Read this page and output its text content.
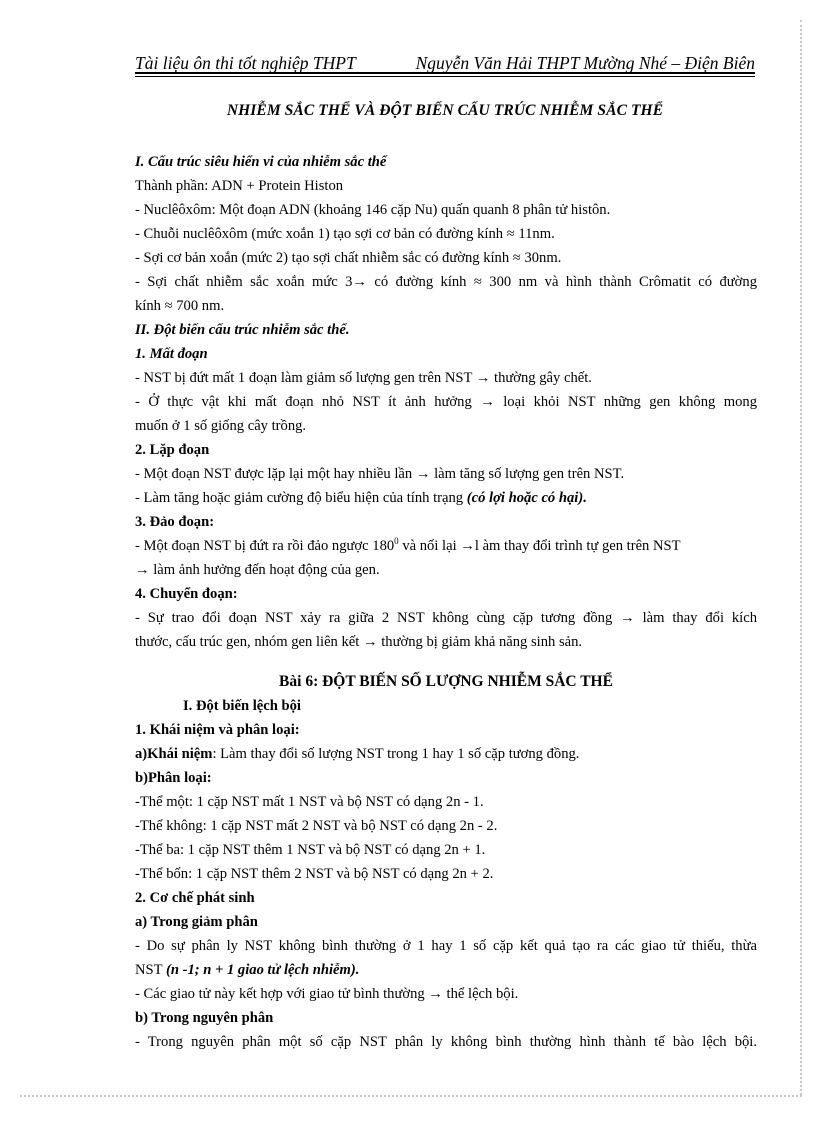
Tài liệu ôn thi tốt nghiệp THPT	Nguyễn Văn Hải THPT Mường Nhé – Điện Biên
NHIỄM SẮC THỂ VÀ ĐỘT BIẾN CẤU TRÚC NHIỄM SẮC THỂ
I. Cấu trúc siêu hiển vi của nhiễm sắc thể
Thành phần: ADN + Protein Histon
- Nuclêôxôm: Một đoạn ADN (khoảng 146 cặp Nu) quấn quanh 8 phân tử histôn.
- Chuỗi nuclêôxôm (mức xoắn 1) tạo sợi cơ bản có đường kính ≈ 11nm.
- Sợi cơ bản xoắn (mức 2) tạo sợi chất nhiễm sắc có đường kính ≈ 30nm.
- Sợi chất nhiễm sắc xoắn mức 3→ có đường kính ≈ 300 nm và hình thành Crômatit có đường
kính ≈ 700 nm.
II. Đột biến cấu trúc nhiễm sắc thể.
1. Mất đoạn
- NST bị đứt mất 1 đoạn làm giảm số lượng gen trên NST → thường gây chết.
- Ở thực vật khi mất đoạn nhỏ NST ít ảnh hưởng → loại khỏi NST những gen không mong
muốn ở 1 số giống cây trồng.
2. Lặp đoạn
- Một đoạn NST được lặp lại một hay nhiều lần → làm tăng số lượng gen trên NST.
- Làm tăng hoặc giảm cường độ biểu hiện của tính trạng (có lợi hoặc có hại).
3. Đảo đoạn:
- Một đoạn NST bị đứt ra rồi đảo ngược $180^0$ và nối lại →l àm thay đổi trình tự gen trên NST
→ làm ảnh hưởng đến hoạt động của gen.
4. Chuyển đoạn:
- Sự trao đổi đoạn NST xảy ra giữa 2 NST không cùng cặp tương đồng → làm thay đổi kích
thước, cấu trúc gen, nhóm gen liên kết → thường bị giảm khả năng sinh sản.
Bài 6: ĐỘT BIẾN SỐ LƯỢNG NHIỄM SẮC THỂ
I. Đột biến lệch bội
1. Khái niệm và phân loại:
a)Khái niệm: Làm thay đổi số lượng NST trong 1 hay 1 số cặp tương đồng.
b)Phân loại:
-Thể một: 1 cặp NST mất 1 NST và bộ NST có dạng 2n - 1.
-Thể không: 1 cặp NST mất 2 NST và bộ NST có dạng 2n - 2.
-Thể ba: 1 cặp NST thêm 1 NST và bộ NST có dạng 2n + 1.
-Thể bốn: 1 cặp NST thêm 2 NST và bộ NST có dạng 2n + 2.
2. Cơ chế phát sinh
a) Trong giảm phân
- Do sự phân ly NST không bình thường ở 1 hay 1 số cặp kết quả tạo ra các giao tử thiếu, thừa
NST (n -1; n + 1 giao tử lệch nhiễm).
- Các giao tử này kết hợp với giao tử bình thường → thể lệch bội.
b) Trong nguyên phân
- Trong nguyên phân một số cặp NST phân ly không bình thường hình thành tế bào lệch bội.
